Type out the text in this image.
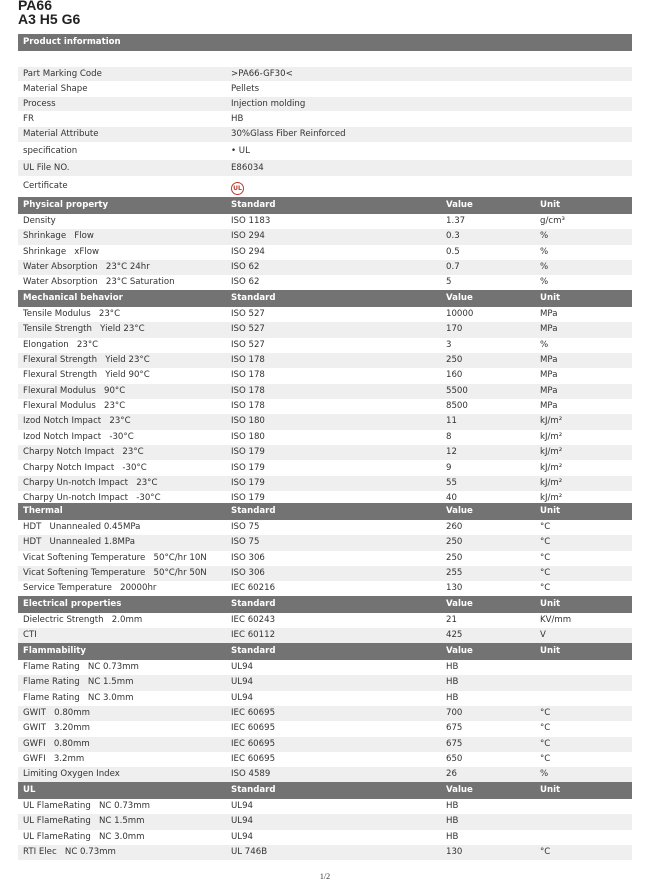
PA66
A3 H5 G6
Product information
Part Marking Code	>PA66-GF30<
Material Shape	Pellets
Process	Injection molding
FR	HB
Material Attribute	30%Glass Fiber Reinforced
specification	• UL
UL File NO.	E86034
Certificate	UL
Physical property	Standard	Value	Unit
Density	ISO 1183	1.37	g/cm³
Shrinkage   Flow	ISO 294	0.3	%
Shrinkage   xFlow	ISO 294	0.5	%
Water Absorption   23°C 24hr	ISO 62	0.7	%
Water Absorption   23°C Saturation	ISO 62	5	%
Mechanical behavior	Standard	Value	Unit
Tensile Modulus   23°C	ISO 527	10000	MPa
Tensile Strength   Yield 23°C	ISO 527	170	MPa
Elongation   23°C	ISO 527	3	%
Flexural Strength   Yield 23°C	ISO 178	250	MPa
Flexural Strength   Yield 90°C	ISO 178	160	MPa
Flexural Modulus   90°C	ISO 178	5500	MPa
Flexural Modulus   23°C	ISO 178	8500	MPa
Izod Notch Impact   23°C	ISO 180	11	kJ/m²
Izod Notch Impact   -30°C	ISO 180	8	kJ/m²
Charpy Notch Impact   23°C	ISO 179	12	kJ/m²
Charpy Notch Impact   -30°C	ISO 179	9	kJ/m²
Charpy Un-notch Impact   23°C	ISO 179	55	kJ/m²
Charpy Un-notch Impact   -30°C	ISO 179	40	kJ/m²
Thermal	Standard	Value	Unit
HDT   Unannealed 0.45MPa	ISO 75	260	°C
HDT   Unannealed 1.8MPa	ISO 75	250	°C
Vicat Softening Temperature   50°C/hr 10N	ISO 306	250	°C
Vicat Softening Temperature   50°C/hr 50N	ISO 306	255	°C
Service Temperature   20000hr	IEC 60216	130	°C
Electrical properties	Standard	Value	Unit
Dielectric Strength   2.0mm	IEC 60243	21	KV/mm
CTI	IEC 60112	425	V
Flammability	Standard	Value	Unit
Flame Rating   NC 0.73mm	UL94	HB
Flame Rating   NC 1.5mm	UL94	HB
Flame Rating   NC 3.0mm	UL94	HB
GWIT   0.80mm	IEC 60695	700	°C
GWIT   3.20mm	IEC 60695	675	°C
GWFI   0.80mm	IEC 60695	675	°C
GWFI   3.2mm	IEC 60695	650	°C
Limiting Oxygen Index	ISO 4589	26	%
UL	Standard	Value	Unit
UL FlameRating   NC 0.73mm	UL94	HB
UL FlameRating   NC 1.5mm	UL94	HB
UL FlameRating   NC 3.0mm	UL94	HB
RTI Elec   NC 0.73mm	UL 746B	130	°C
1/2
